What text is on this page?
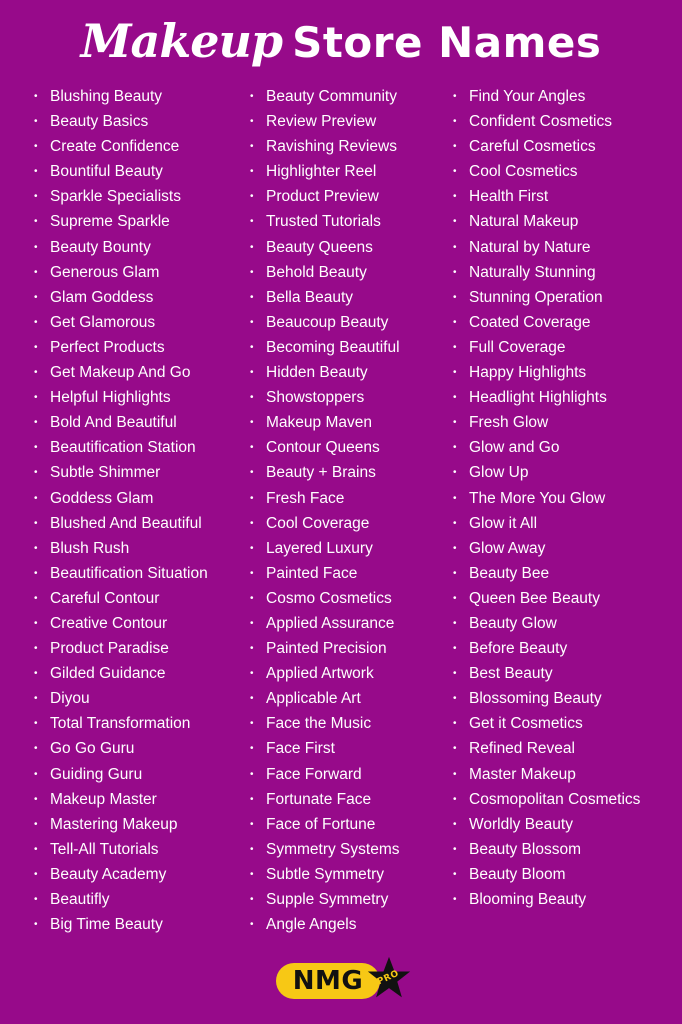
Makeup Store Names
• Blushing Beauty
• Beauty Basics
• Create Confidence
• Bountiful Beauty
• Sparkle Specialists
• Supreme Sparkle
• Beauty Bounty
• Generous Glam
• Glam Goddess
• Get Glamorous
• Perfect Products
• Get Makeup And Go
• Helpful Highlights
• Bold And Beautiful
• Beautification Station
• Subtle Shimmer
• Goddess Glam
• Blushed And Beautiful
• Blush Rush
• Beautification Situation
• Careful Contour
• Creative Contour
• Product Paradise
• Gilded Guidance
• Diyou
• Total Transformation
• Go Go Guru
• Guiding Guru
• Makeup Master
• Mastering Makeup
• Tell-All Tutorials
• Beauty Academy
• Beautifly
• Big Time Beauty
• Beauty Community
• Review Preview
• Ravishing Reviews
• Highlighter Reel
• Product Preview
• Trusted Tutorials
• Beauty Queens
• Behold Beauty
• Bella Beauty
• Beaucoup Beauty
• Becoming Beautiful
• Hidden Beauty
• Showstoppers
• Makeup Maven
• Contour Queens
• Beauty + Brains
• Fresh Face
• Cool Coverage
• Layered Luxury
• Painted Face
• Cosmo Cosmetics
• Applied Assurance
• Painted Precision
• Applied Artwork
• Applicable Art
• Face the Music
• Face First
• Face Forward
• Fortunate Face
• Face of Fortune
• Symmetry Systems
• Subtle Symmetry
• Supple Symmetry
• Angle Angels
• Find Your Angles
• Confident Cosmetics
• Careful Cosmetics
• Cool Cosmetics
• Health First
• Natural Makeup
• Natural by Nature
• Naturally Stunning
• Stunning Operation
• Coated Coverage
• Full Coverage
• Happy Highlights
• Headlight Highlights
• Fresh Glow
• Glow and Go
• Glow Up
• The More You Glow
• Glow it All
• Glow Away
• Beauty Bee
• Queen Bee Beauty
• Beauty Glow
• Before Beauty
• Best Beauty
• Blossoming Beauty
• Get it Cosmetics
• Refined Reveal
• Master Makeup
• Cosmopolitan Cosmetics
• Worldly Beauty
• Beauty Blossom
• Beauty Bloom
• Blooming Beauty
NMG	PRO
